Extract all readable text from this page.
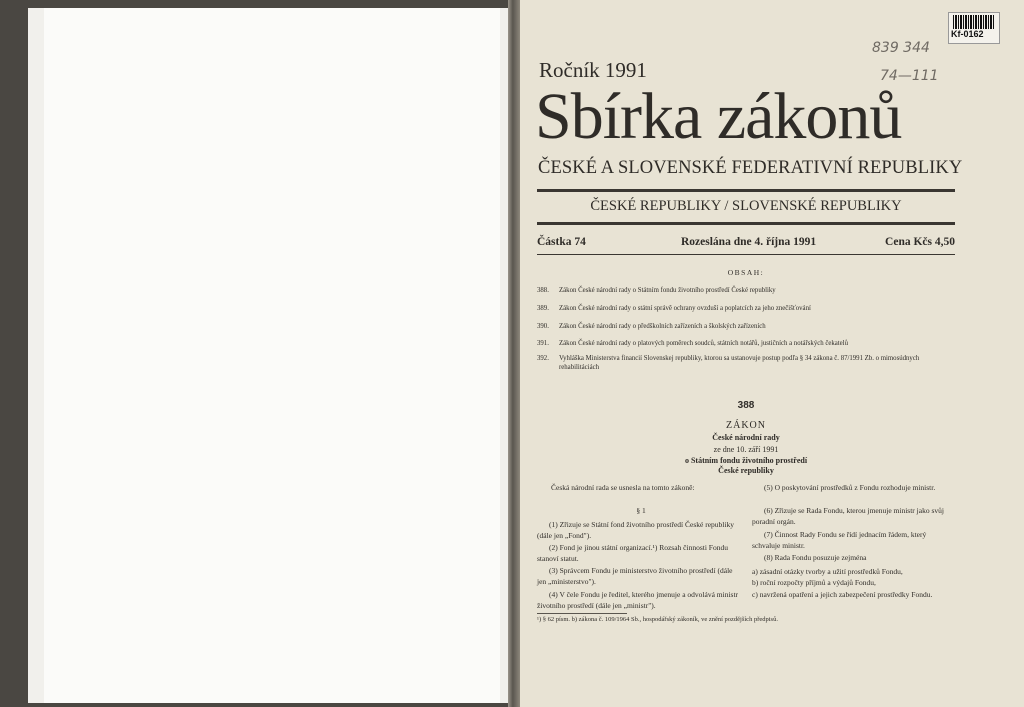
Kf-0162
839 344
74—111
Ročník 1991
Sbírka zákonů
ČESKÉ A SLOVENSKÉ FEDERATIVNÍ REPUBLIKY
ČESKÉ REPUBLIKY / SLOVENSKÉ REPUBLIKY
Částka 74	Rozeslána dne 4. října 1991	Cena Kčs 4,50
OBSAH:
388. Zákon České národní rady o Státním fondu životního prostředí České republiky
389. Zákon České národní rady o státní správě ochrany ovzduší a poplatcích za jeho znečišťování
390. Zákon České národní rady o předškolních zařízeních a školských zařízeních
391. Zákon České národní rady o platových poměrech soudců, státních notářů, justičních a notářských čekatelů
392. Vyhláška Ministerstva financií Slovenskej republiky, ktorou sa ustanovuje postup podľa § 34 zákona č. 87/1991 Zb. o mimosúdnych rehabilitáciách
388
ZÁKON
České národní rady
ze dne 10. září 1991
o Státním fondu životního prostředí
České republiky
Česká národní rada se usnesla na tomto zákoně:
§ 1
(1) Zřizuje se Státní fond životního prostředí České republiky (dále jen „Fond").
(2) Fond je jinou státní organizací.¹) Rozsah činnosti Fondu stanoví statut.
(3) Správcem Fondu je ministerstvo životního prostředí (dále jen „ministerstvo").
(4) V čele Fondu je ředitel, kterého jmenuje a odvolává ministr životního prostředí (dále jen „ministr").
(5) O poskytování prostředků z Fondu rozhoduje ministr.
(6) Zřizuje se Rada Fondu, kterou jmenuje ministr jako svůj poradní orgán.
(7) Činnost Rady Fondu se řídí jednacím řádem, který schvaluje ministr.
(8) Rada Fondu posuzuje zejména
a) zásadní otázky tvorby a užití prostředků Fondu,
b) roční rozpočty příjmů a výdajů Fondu,
c) navržená opatření a jejich zabezpečení prostředky Fondu.
¹) § 62 písm. b) zákona č. 109/1964 Sb., hospodářský zákoník, ve znění pozdějších předpisů.
